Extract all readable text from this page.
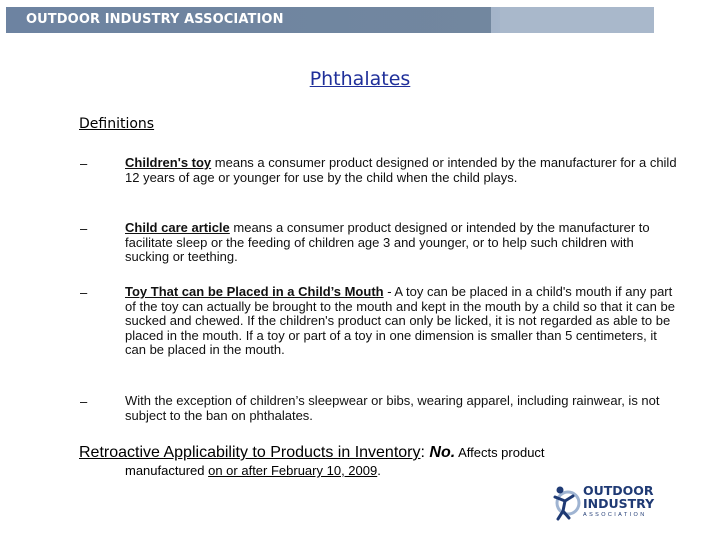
OUTDOOR INDUSTRY ASSOCIATION
Phthalates
Definitions
–	Children's toy means a consumer product designed or intended by the manufacturer for a child 12 years of age or younger for use by the child when the child plays.
–	Child care article means a consumer product designed or intended by the manufacturer to facilitate sleep or the feeding of children age 3 and younger, or to help such children with sucking or teething.
–	Toy That can be Placed in a Child’s Mouth - A toy can be placed in a child's mouth if any part of the toy can actually be brought to the mouth and kept in the mouth by a child so that it can be sucked and chewed. If the children's product can only be licked, it is not regarded as able to be placed in the mouth. If a toy or part of a toy in one dimension is smaller than 5 centimeters, it can be placed in the mouth.
–	With the exception of children’s sleepwear or bibs, wearing apparel, including rainwear, is not subject to the ban on phthalates.
Retroactive Applicability to Products in Inventory: No. Affects product
manufactured on or after February 10, 2009.
OUTDOOR
INDUSTRY
ASSOCIATION
